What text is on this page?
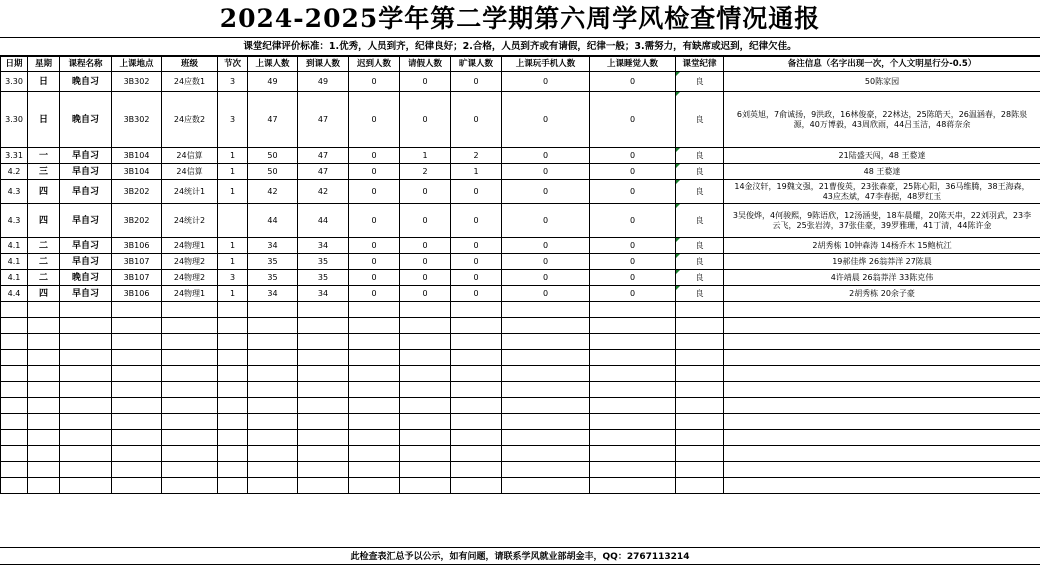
2024-2025学年第二学期第六周学风检查情况通报
课堂纪律评价标准：1.优秀，人员到齐，纪律良好；2.合格，人员到齐或有请假，纪律一般；3.需努力，有缺席或迟到，纪律欠佳。
日期	星期	课程名称	上课地点	班级	节次	上课人数	到课人数	迟到人数	请假人数	旷课人数	上课玩手机人数	上课睡觉人数	课堂纪律	备注信息（名字出现一次，个人文明星行分-0.5）
3.30	日	晚自习	3B302	24应数1	3	49	49	0	0	0	0	0	良	50陈家园
3.30	日	晚自习	3B302	24应数2	3	47	47	0	0	0	0	0	良	6刘英旭，7俞诚扬，9洪政，16林俊豪，22林达，25陈皓天，26温涵春，28陈泉源，40万博毅，43周欣雨，44吕玉洁，48蒋奈余
3.31	一	早自习	3B104	24信算	1	50	47	0	1	2	0	0	良	21陆盛天闯，48 王婺達
4.2	三	早自习	3B104	24信算	1	50	47	0	2	1	0	0	良	48 王婺達
4.3	四	早自习	3B202	24统计1	1	42	42	0	0	0	0	0	良	14金汶轩，19魏文强，21曹俊英，23张森豪，25陈心阳，36马维腾，38王海森，43应杰斌，47李春据，48罗红玉
4.3	四	早自习	3B202	24统计2		44	44	0	0	0	0	0	良	3吴俊烨，4何骏熙，9陈语欣，12汤涵斐，18车晨耀，20陈天串，22刘羽武，23李云飞，25张岩涛，37张佳豪，39罗雅珊，41丁清，44陈许金
4.1	二	早自习	3B106	24物理1	1	34	34	0	0	0	0	0	良	2胡秀栋 10钟森涛 14杨乔木 15鲍杭江
4.1	二	早自习	3B107	24物理2	1	35	35	0	0	0	0	0	良	19郝佳烨 26翁莽洋 27陈晨
4.1	二	晚自习	3B107	24物理2	3	35	35	0	0	0	0	0	良	4许靖晨 26翁莽洋 33陈克伟
4.4	四	早自习	3B106	24物理1	1	34	34	0	0	0	0	0	良	2胡秀栋 20余子豪

此检查表汇总予以公示，如有问题，请联系学风就业部胡金丰，QQ：2767113214
